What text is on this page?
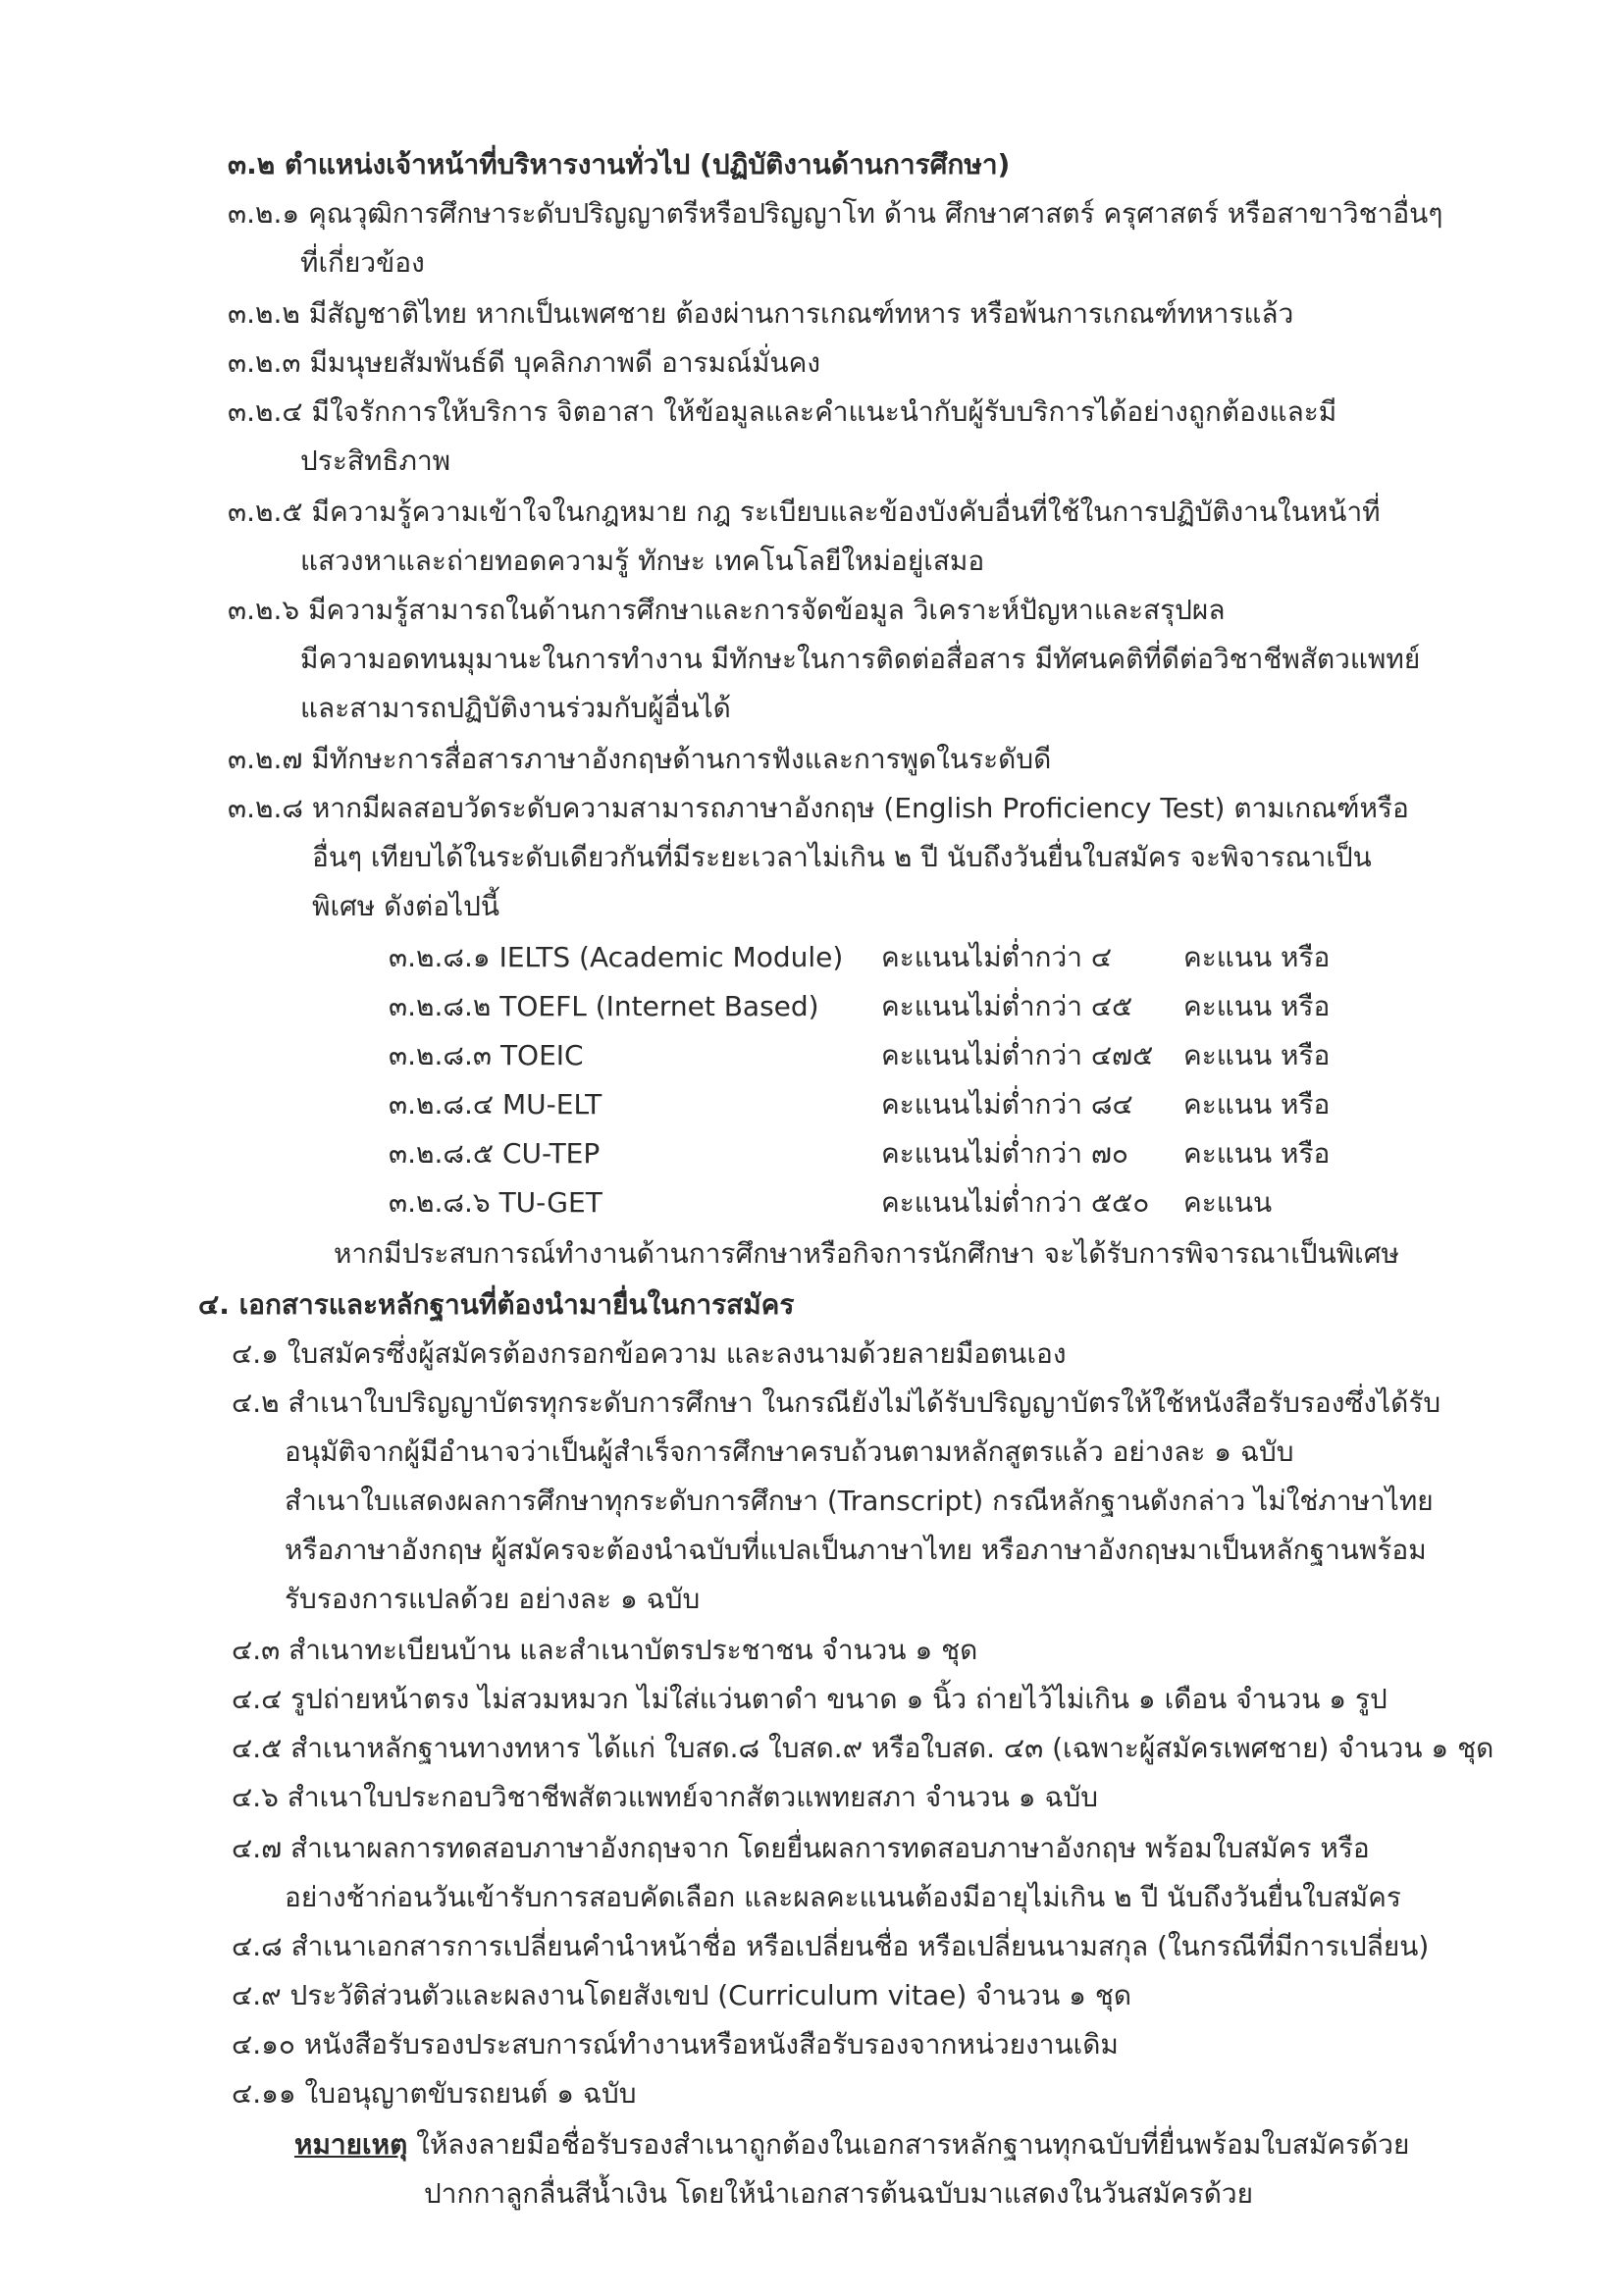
๓.๒ ตำแหน่งเจ้าหน้าที่บริหารงานทั่วไป (ปฏิบัติงานด้านการศึกษา)
๓.๒.๑ คุณวุฒิการศึกษาระดับปริญญาตรีหรือปริญญาโท ด้าน ศึกษาศาสตร์ ครุศาสตร์ หรือสาขาวิชาอื่นๆ
ที่เกี่ยวข้อง
๓.๒.๒ มีสัญชาติไทย หากเป็นเพศชาย ต้องผ่านการเกณฑ์ทหาร หรือพ้นการเกณฑ์ทหารแล้ว
๓.๒.๓ มีมนุษยสัมพันธ์ดี บุคลิกภาพดี อารมณ์มั่นคง
๓.๒.๔ มีใจรักการให้บริการ จิตอาสา ให้ข้อมูลและคำแนะนำกับผู้รับบริการได้อย่างถูกต้องและมี
ประสิทธิภาพ
๓.๒.๕ มีความรู้ความเข้าใจในกฎหมาย กฎ ระเบียบและข้องบังคับอื่นที่ใช้ในการปฏิบัติงานในหน้าที่
แสวงหาและถ่ายทอดความรู้ ทักษะ เทคโนโลยีใหม่อยู่เสมอ
๓.๒.๖ มีความรู้สามารถในด้านการศึกษาและการจัดข้อมูล วิเคราะห์ปัญหาและสรุปผล
มีความอดทนมุมานะในการทำงาน มีทักษะในการติดต่อสื่อสาร มีทัศนคติที่ดีต่อวิชาชีพสัตวแพทย์
และสามารถปฏิบัติงานร่วมกับผู้อื่นได้
๓.๒.๗ มีทักษะการสื่อสารภาษาอังกฤษด้านการฟังและการพูดในระดับดี
๓.๒.๘ หากมีผลสอบวัดระดับความสามารถภาษาอังกฤษ (English Proficiency Test) ตามเกณฑ์หรือ
อื่นๆ เทียบได้ในระดับเดียวกันที่มีระยะเวลาไม่เกิน ๒ ปี นับถึงวันยื่นใบสมัคร จะพิจารณาเป็น
พิเศษ ดังต่อไปนี้
๓.๒.๘.๑ IELTS (Academic Module) คะแนนไม่ต่ำกว่า ๔	คะแนน หรือ
๓.๒.๘.๒ TOEFL (Internet Based) คะแนนไม่ต่ำกว่า ๔๕ คะแนน หรือ
๓.๒.๘.๓ TOEIC	คะแนนไม่ต่ำกว่า ๔๗๕ คะแนน หรือ
๓.๒.๘.๔ MU-ELT	คะแนนไม่ต่ำกว่า ๘๔ คะแนน หรือ
๓.๒.๘.๕ CU-TEP	คะแนนไม่ต่ำกว่า ๗๐ คะแนน หรือ
๓.๒.๘.๖ TU-GET	คะแนนไม่ต่ำกว่า ๕๕๐ คะแนน
หากมีประสบการณ์ทำงานด้านการศึกษาหรือกิจการนักศึกษา จะได้รับการพิจารณาเป็นพิเศษ
๔. เอกสารและหลักฐานที่ต้องนำมายื่นในการสมัคร
๔.๑ ใบสมัครซึ่งผู้สมัครต้องกรอกข้อความ และลงนามด้วยลายมือตนเอง
๔.๒ สำเนาใบปริญญาบัตรทุกระดับการศึกษา ในกรณียังไม่ได้รับปริญญาบัตรให้ใช้หนังสือรับรองซึ่งได้รับ
อนุมัติจากผู้มีอำนาจว่าเป็นผู้สำเร็จการศึกษาครบถ้วนตามหลักสูตรแล้ว อย่างละ ๑ ฉบับ
สำเนาใบแสดงผลการศึกษาทุกระดับการศึกษา (Transcript) กรณีหลักฐานดังกล่าว ไม่ใช่ภาษาไทย
หรือภาษาอังกฤษ ผู้สมัครจะต้องนำฉบับที่แปลเป็นภาษาไทย หรือภาษาอังกฤษมาเป็นหลักฐานพร้อม
รับรองการแปลด้วย อย่างละ ๑ ฉบับ
๔.๓ สำเนาทะเบียนบ้าน และสำเนาบัตรประชาชน จำนวน ๑ ชุด
๔.๔ รูปถ่ายหน้าตรง ไม่สวมหมวก ไม่ใส่แว่นตาดำ ขนาด ๑ นิ้ว ถ่ายไว้ไม่เกิน ๑ เดือน จำนวน ๑ รูป
๔.๕ สำเนาหลักฐานทางทหาร ได้แก่ ใบสด.๘ ใบสด.๙ หรือใบสด. ๔๓ (เฉพาะผู้สมัครเพศชาย) จำนวน ๑ ชุด
๔.๖ สำเนาใบประกอบวิชาชีพสัตวแพทย์จากสัตวแพทยสภา จำนวน ๑ ฉบับ
๔.๗ สำเนาผลการทดสอบภาษาอังกฤษจาก โดยยื่นผลการทดสอบภาษาอังกฤษ พร้อมใบสมัคร หรือ
อย่างช้าก่อนวันเข้ารับการสอบคัดเลือก และผลคะแนนต้องมีอายุไม่เกิน ๒ ปี นับถึงวันยื่นใบสมัคร
๔.๘ สำเนาเอกสารการเปลี่ยนคำนำหน้าชื่อ หรือเปลี่ยนชื่อ หรือเปลี่ยนนามสกุล (ในกรณีที่มีการเปลี่ยน)
๔.๙ ประวัติส่วนตัวและผลงานโดยสังเขป (Curriculum vitae) จำนวน ๑ ชุด
๔.๑๐ หนังสือรับรองประสบการณ์ทำงานหรือหนังสือรับรองจากหน่วยงานเดิม
๔.๑๑ ใบอนุญาตขับรถยนต์ ๑ ฉบับ
หมายเหตุ ให้ลงลายมือชื่อรับรองสำเนาถูกต้องในเอกสารหลักฐานทุกฉบับที่ยื่นพร้อมใบสมัครด้วย
ปากกาลูกลื่นสีน้ำเงิน โดยให้นำเอกสารต้นฉบับมาแสดงในวันสมัครด้วย
